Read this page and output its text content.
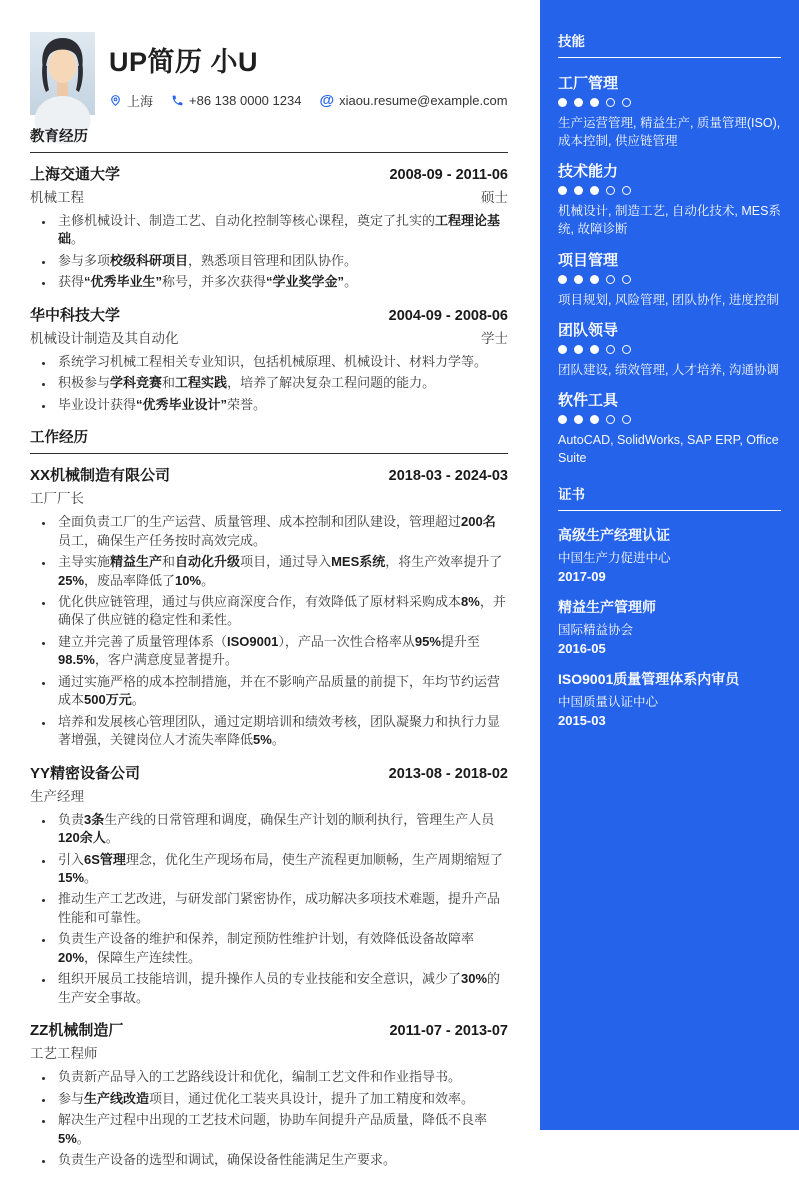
UP简历 小U
上海	+86 138 0000 1234 @ xiaou.resume@example.com
教育经历
上海交通大学	2008-09 - 2011-06
机械工程	硕士
• 主修机械设计、制造工艺、自动化控制等核心课程，奠定了扎实的工程理论基础。
• 参与多项校级科研项目，熟悉项目管理和团队协作。
• 获得“优秀毕业生”称号，并多次获得“学业奖学金”。
华中科技大学	2004-09 - 2008-06
机械设计制造及其自动化	学士
• 系统学习机械工程相关专业知识，包括机械原理、机械设计、材料力学等。
• 积极参与学科竞赛和工程实践，培养了解决复杂工程问题的能力。
• 毕业设计获得“优秀毕业设计”荣誉。
工作经历
XX机械制造有限公司	2018-03 - 2024-03
工厂厂长
• 全面负责工厂的生产运营、质量管理、成本控制和团队建设，管理超过200名员工，确保生产任务按时高效完成。
• 主导实施精益生产和自动化升级项目，通过导入MES系统，将生产效率提升了25%，废品率降低了10%。
• 优化供应链管理，通过与供应商深度合作，有效降低了原材料采购成本8%，并确保了供应链的稳定性和柔性。
• 建立并完善了质量管理体系（ISO9001），产品一次性合格率从95%提升至98.5%，客户满意度显著提升。
• 通过实施严格的成本控制措施，并在不影响产品质量的前提下，年均节约运营成本500万元。
• 培养和发展核心管理团队，通过定期培训和绩效考核，团队凝聚力和执行力显著增强，关键岗位人才流失率降低5%。
YY精密设备公司	2013-08 - 2018-02
生产经理
• 负责3条生产线的日常管理和调度，确保生产计划的顺利执行，管理生产人员120余人。
• 引入6S管理理念，优化生产现场布局，使生产流程更加顺畅，生产周期缩短了15%。
• 推动生产工艺改进，与研发部门紧密协作，成功解决多项技术难题，提升产品性能和可靠性。
• 负责生产设备的维护和保养，制定预防性维护计划，有效降低设备故障率20%，保障生产连续性。
• 组织开展员工技能培训，提升操作人员的专业技能和安全意识，减少了30%的生产安全事故。
ZZ机械制造厂	2011-07 - 2013-07
工艺工程师
• 负责新产品导入的工艺路线设计和优化，编制工艺文件和作业指导书。
• 参与生产线改造项目，通过优化工装夹具设计，提升了加工精度和效率。
• 解决生产过程中出现的工艺技术问题，协助车间提升产品质量，降低不良率5%。
• 负责生产设备的选型和调试，确保设备性能满足生产要求。
技能
工厂管理
生产运营管理, 精益生产, 质量管理(ISO), 成本控制, 供应链管理
技术能力
机械设计, 制造工艺, 自动化技术, MES系统, 故障诊断
项目管理
项目规划, 风险管理, 团队协作, 进度控制
团队领导
团队建设, 绩效管理, 人才培养, 沟通协调
软件工具
AutoCAD, SolidWorks, SAP ERP, Office Suite
证书
高级生产经理认证
中国生产力促进中心
2017-09
精益生产管理师
国际精益协会
2016-05
ISO9001质量管理体系内审员
中国质量认证中心
2015-03
